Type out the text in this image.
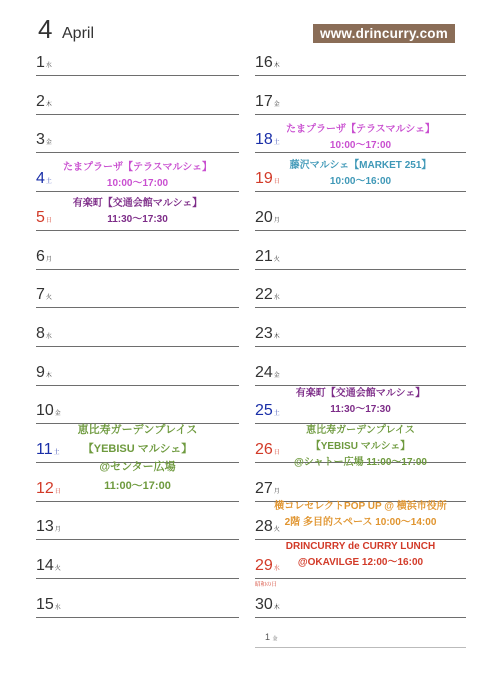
4 April	www.drincurry.com
1水
2木
3金
4土
5日
6月
7火
8水
9木
10金
11土
12日
13月
14火
15水
16木
17金
18土
19日
20月
21火
22水
23木
24金
25土
26日
27月
28火
29水
昭和の日
30木
たまプラーザ【テラスマルシェ】
10:00〜17:00
有楽町【交通会館マルシェ】
11:30〜17:30
恵比寿ガーデンプレイス
【YEBISU マルシェ】
@センター広場
11:00〜17:00
たまプラーザ【テラスマルシェ】
10:00〜17:00
藤沢マルシェ【MARKET 251】
10:00〜16:00
有楽町【交通会館マルシェ】
11:30〜17:30
恵比寿ガーデンプレイス
【YEBISU マルシェ】
@シャトー広場 11:00〜17:00
横コレセレクトPOP UP @ 横浜市役所
2階 多目的スペース 10:00〜14:00
DRINCURRY de CURRY LUNCH
@OKAVILGE 12:00〜16:00
1 金
